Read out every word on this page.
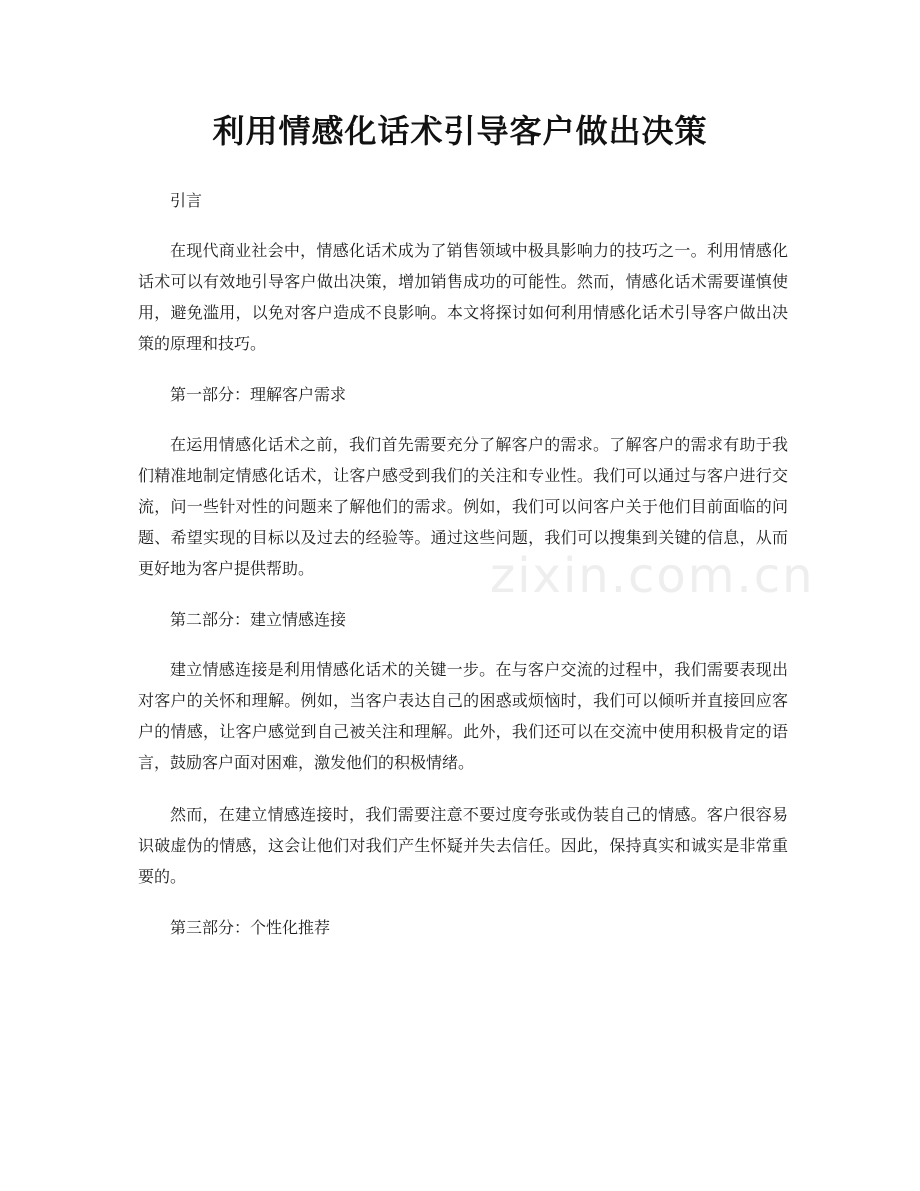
利用情感化话术引导客户做出决策
引言
在现代商业社会中，情感化话术成为了销售领域中极具影响力的技巧之一。利用情感化话术可以有效地引导客户做出决策，增加销售成功的可能性。然而，情感化话术需要谨慎使用，避免滥用，以免对客户造成不良影响。本文将探讨如何利用情感化话术引导客户做出决策的原理和技巧。
第一部分：理解客户需求
在运用情感化话术之前，我们首先需要充分了解客户的需求。了解客户的需求有助于我们精准地制定情感化话术，让客户感受到我们的关注和专业性。我们可以通过与客户进行交流，问一些针对性的问题来了解他们的需求。例如，我们可以问客户关于他们目前面临的问题、希望实现的目标以及过去的经验等。通过这些问题，我们可以搜集到关键的信息，从而更好地为客户提供帮助。
第二部分：建立情感连接
建立情感连接是利用情感化话术的关键一步。在与客户交流的过程中，我们需要表现出对客户的关怀和理解。例如，当客户表达自己的困惑或烦恼时，我们可以倾听并直接回应客户的情感，让客户感觉到自己被关注和理解。此外，我们还可以在交流中使用积极肯定的语言，鼓励客户面对困难，激发他们的积极情绪。
然而，在建立情感连接时，我们需要注意不要过度夸张或伪装自己的情感。客户很容易识破虚伪的情感，这会让他们对我们产生怀疑并失去信任。因此，保持真实和诚实是非常重要的。
第三部分：个性化推荐
zixin.com.cn
